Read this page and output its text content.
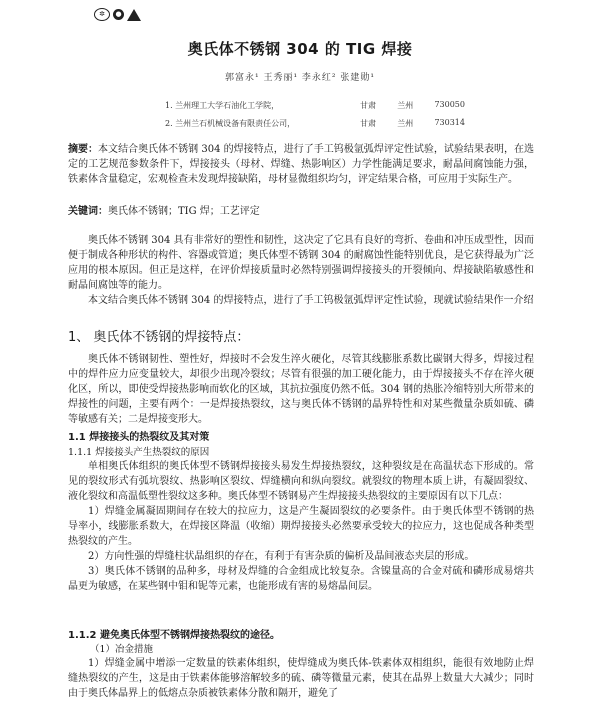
✲	●
奥氏体不锈钢 304 的 TIG 焊接
郭富永¹ 王秀丽¹ 李永红² 张建勋¹
1. 兰州理工大学石油化工学院，	甘肃	兰州	730050
2. 兰州兰石机械设备有限责任公司，	甘肃	兰州	730314
摘要：本文结合奥氏体不锈钢 304 的焊接特点，进行了手工钨极氩弧焊评定性试验，试验结果表明，在选定的工艺规范参数条件下，焊接接头（母材、焊缝、热影响区）力学性能满足要求，耐晶间腐蚀能力强，铁素体含量稳定，宏观检查未发现焊接缺陷，母材显微组织均匀，评定结果合格，可应用于实际生产。
关键词：奥氏体不锈钢；TIG 焊；工艺评定

奥氏体不锈钢 304 具有非常好的塑性和韧性，这决定了它具有良好的弯折、卷曲和冲压成型性，因而便于制成各种形状的构件、容器或管道；奥氏体型不锈钢 304 的耐腐蚀性能特别优良，是它获得最为广泛应用的根本原因。但正是这样，在评价焊接质量时必然特别强调焊接接头的开裂倾向、焊接缺陷敏感性和耐晶间腐蚀等的能力。

本文结合奥氏体不锈钢 304 的焊接特点，进行了手工钨极氩弧焊评定性试验，现就试验结果作一介绍

1、 奥氏体不锈钢的焊接特点：

奥氏体不锈钢韧性、塑性好，焊接时不会发生淬火硬化，尽管其线膨胀系数比碳钢大得多，焊接过程中的焊件应力应变量较大，却很少出现冷裂纹；尽管有很强的加工硬化能力，由于焊接接头不存在淬火硬化区，所以，即使受焊接热影响而软化的区域，其抗拉强度仍然不低。304 钢的热胀冷缩特别大所带来的焊接性的问题，主要有两个：一是焊接热裂纹，这与奥氏体不锈钢的晶界特性和对某些微量杂质如硫、磷等敏感有关；二是焊接变形大。

1.1 焊接接头的热裂纹及其对策
1.1.1 焊接接头产生热裂纹的原因

单相奥氏体组织的奥氏体型不锈钢焊接接头易发生焊接热裂纹，这种裂纹是在高温状态下形成的。常见的裂纹形式有弧坑裂纹、热影响区裂纹、焊缝横向和纵向裂纹。就裂纹的物理本质上讲，有凝固裂纹、液化裂纹和高温低塑性裂纹这多种。奥氏体型不锈钢易产生焊接接头热裂纹的主要原因有以下几点：

1）焊缝金属凝固期间存在较大的拉应力，这是产生凝固裂纹的必要条件。由于奥氏体型不锈钢的热导率小，线膨胀系数大，在焊接区降温（收缩）期焊接接头必然要承受较大的拉应力，这也促成各种类型热裂纹的产生。

2）方向性强的焊缝柱状晶组织的存在，有利于有害杂质的偏析及晶间液态夹层的形成。

3）奥氏体不锈钢的品种多，母材及焊缝的合金组成比较复杂。含镍量高的合金对硫和磷形成易熔共晶更为敏感，在某些钢中钼和铌等元素，也能形成有害的易熔晶间层。

1.1.2 避免奥氏体型不锈钢焊接热裂纹的途径。
（1）冶金措施

1）焊缝金属中增添一定数量的铁素体组织，使焊缝成为奥氏体-铁素体双相组织，能很有效地防止焊缝热裂纹的产生，这是由于铁素体能够溶解较多的硫、磷等微量元素，使其在晶界上数量大大减少；同时由于奥氏体晶界上的低熔点杂质被铁素体分散和隔开，避免了
